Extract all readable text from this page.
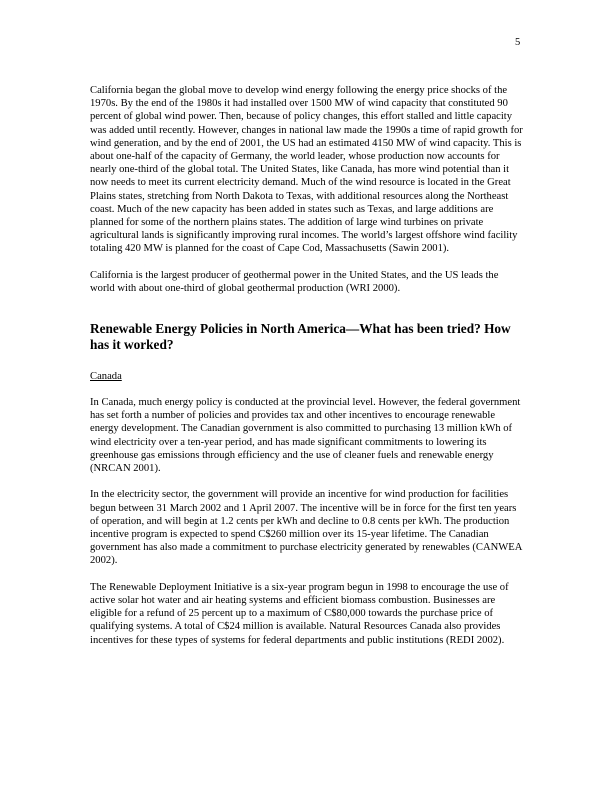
5

California began the global move to develop wind energy following the energy price shocks of the 1970s. By the end of the 1980s it had installed over 1500 MW of wind capacity that constituted 90 percent of global wind power. Then, because of policy changes, this effort stalled and little capacity was added until recently. However, changes in national law made the 1990s a time of rapid growth for wind generation, and by the end of 2001, the US had an estimated 4150 MW of wind capacity. This is about one-half of the capacity of Germany, the world leader, whose production now accounts for nearly one-third of the global total. The United States, like Canada, has more wind potential than it now needs to meet its current electricity demand. Much of the wind resource is located in the Great Plains states, stretching from North Dakota to Texas, with additional resources along the Northeast coast. Much of the new capacity has been added in states such as Texas, and large additions are planned for some of the northern plains states. The addition of large wind turbines on private agricultural lands is significantly improving rural incomes. The world’s largest offshore wind facility totaling 420 MW is planned for the coast of Cape Cod, Massachusetts (Sawin 2001).

California is the largest producer of geothermal power in the United States, and the US leads the world with about one-third of global geothermal production (WRI 2000).

Renewable Energy Policies in North America—What has been tried? How has it worked?
Canada

In Canada, much energy policy is conducted at the provincial level. However, the federal government has set forth a number of policies and provides tax and other incentives to encourage renewable energy development. The Canadian government is also committed to purchasing 13 million kWh of wind electricity over a ten-year period, and has made significant commitments to lowering its greenhouse gas emissions through efficiency and the use of cleaner fuels and renewable energy (NRCAN 2001).

In the electricity sector, the government will provide an incentive for wind production for facilities begun between 31 March 2002 and 1 April 2007. The incentive will be in force for the first ten years of operation, and will begin at 1.2 cents per kWh and decline to 0.8 cents per kWh. The production incentive program is expected to spend C$260 million over its 15-year lifetime. The Canadian government has also made a commitment to purchase electricity generated by renewables (CANWEA 2002).

The Renewable Deployment Initiative is a six-year program begun in 1998 to encourage the use of active solar hot water and air heating systems and efficient biomass combustion. Businesses are eligible for a refund of 25 percent up to a maximum of C$80,000 towards the purchase price of qualifying systems. A total of C$24 million is available. Natural Resources Canada also provides incentives for these types of systems for federal departments and public institutions (REDI 2002).
